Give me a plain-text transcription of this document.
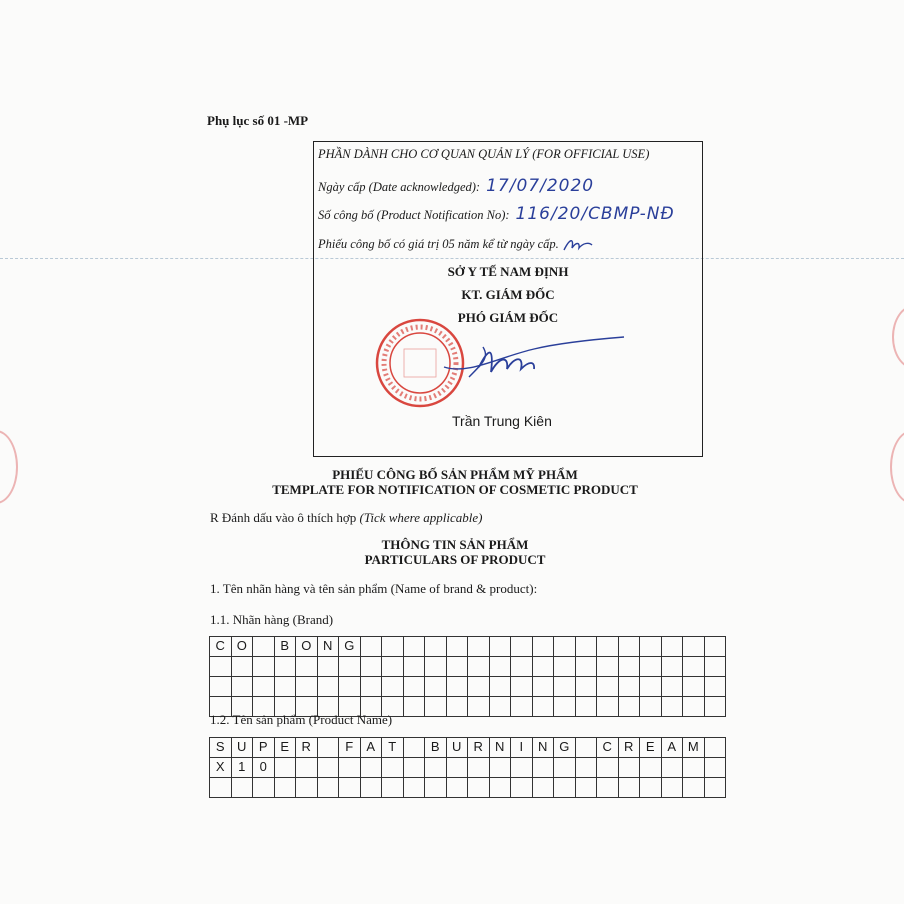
Phụ lục số 01 -MP
PHẦN DÀNH CHO CƠ QUAN QUẢN LÝ (FOR OFFICIAL USE)
Ngày cấp (Date acknowledged): 17/07/2020
Số công bố (Product Notification No): 116/20/CBMP-NĐ
Phiếu công bố có giá trị 05 năm kể từ ngày cấp.
SỞ Y TẾ NAM ĐỊNH
KT. GIÁM ĐỐC
PHÓ GIÁM ĐỐC
Trần Trung Kiên
PHIẾU CÔNG BỐ SẢN PHẨM MỸ PHẨM
TEMPLATE FOR NOTIFICATION OF COSMETIC PRODUCT
R Đánh dấu vào ô thích hợp (Tick where applicable)
THÔNG TIN SẢN PHẨM
PARTICULARS OF PRODUCT
1. Tên nhãn hàng và tên sản phẩm (Name of brand & product):
1.1. Nhãn hàng (Brand)
C	O		B	O	N	G																	

1.2. Tên sản phẩm (Product Name)
S	U	P	E	R		F	A	T		B	U	R	N	I	N	G		C	R	E	A	M	
X	1	0																					
